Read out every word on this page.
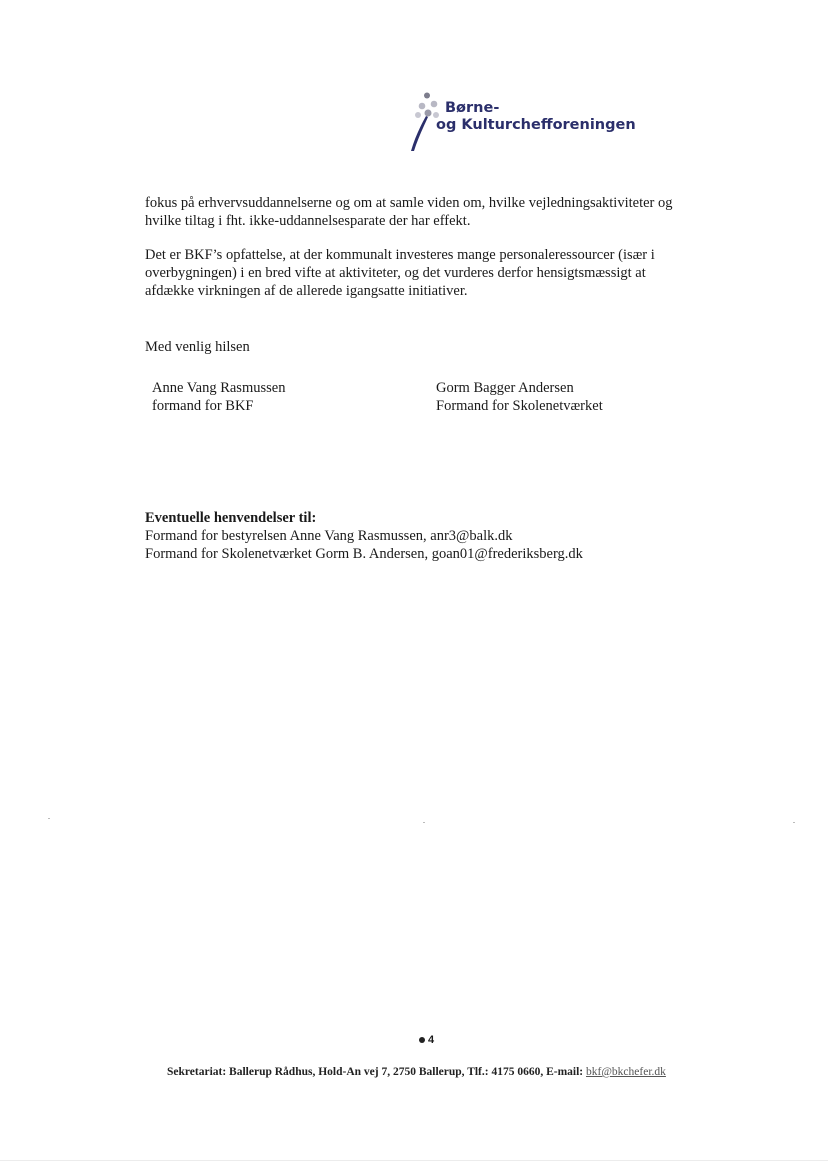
Børne-
og Kulturchefforeningen

fokus på erhvervsuddannelserne og om at samle viden om, hvilke vejledningsaktiviteter og
hvilke tiltag i fht. ikke-uddannelsesparate der har effekt.

Det er BKF’s opfattelse, at der kommunalt investeres mange personaleressourcer (især i
overbygningen) i en bred vifte at aktiviteter, og det vurderes derfor hensigtsmæssigt at
afdække virkningen af de allerede igangsatte initiativer.

Med venlig hilsen
Anne Vang Rasmussen
formand for BKF
Gorm Bagger Andersen
Formand for Skolenetværket
Eventuelle henvendelser til:
Formand for bestyrelsen Anne Vang Rasmussen, anr3@balk.dk
Formand for Skolenetværket Gorm B. Andersen, goan01@frederiksberg.dk
4
Sekretariat: Ballerup Rådhus, Hold-An vej 7, 2750 Ballerup, Tlf.: 4175 0660, E-mail: bkf@bkchefer.dk
